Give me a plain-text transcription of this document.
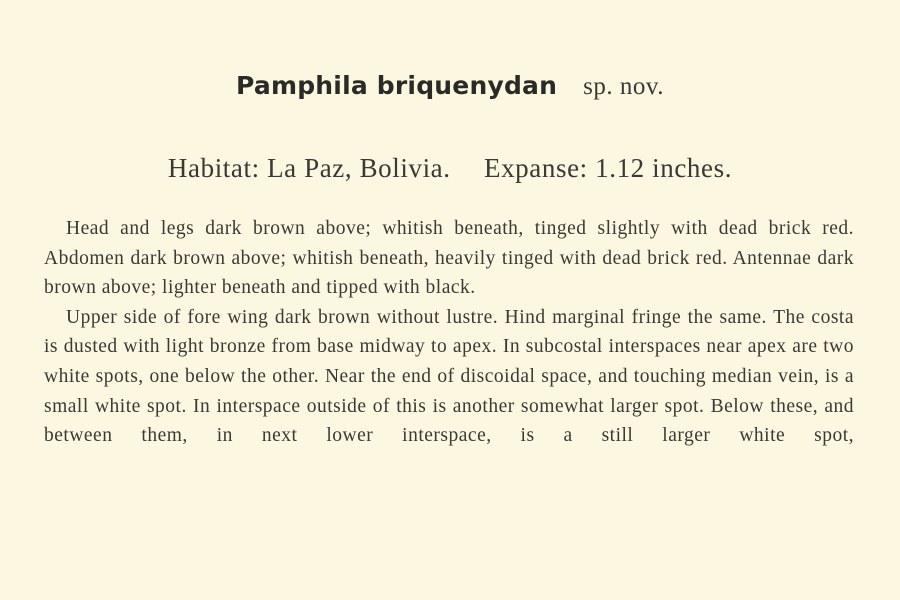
Pamphila briquenydan sp. nov.
Habitat: La Paz, Bolivia. Expanse: 1.12 inches.

Head and legs dark brown above; whitish beneath, tinged slightly with dead brick red. Abdomen dark brown above; whitish beneath, heavily tinged with dead brick red. Antennae dark brown above; lighter beneath and tipped with black.

Upper side of fore wing dark brown without lustre. Hind marginal fringe the same. The costa is dusted with light bronze from base midway to apex. In subcostal interspaces near apex are two white spots, one below the other. Near the end of discoidal space, and touching median vein, is a small white spot. In interspace outside of this is another somewhat larger spot. Below these, and between them, in next lower interspace, is a still larger white spot,
